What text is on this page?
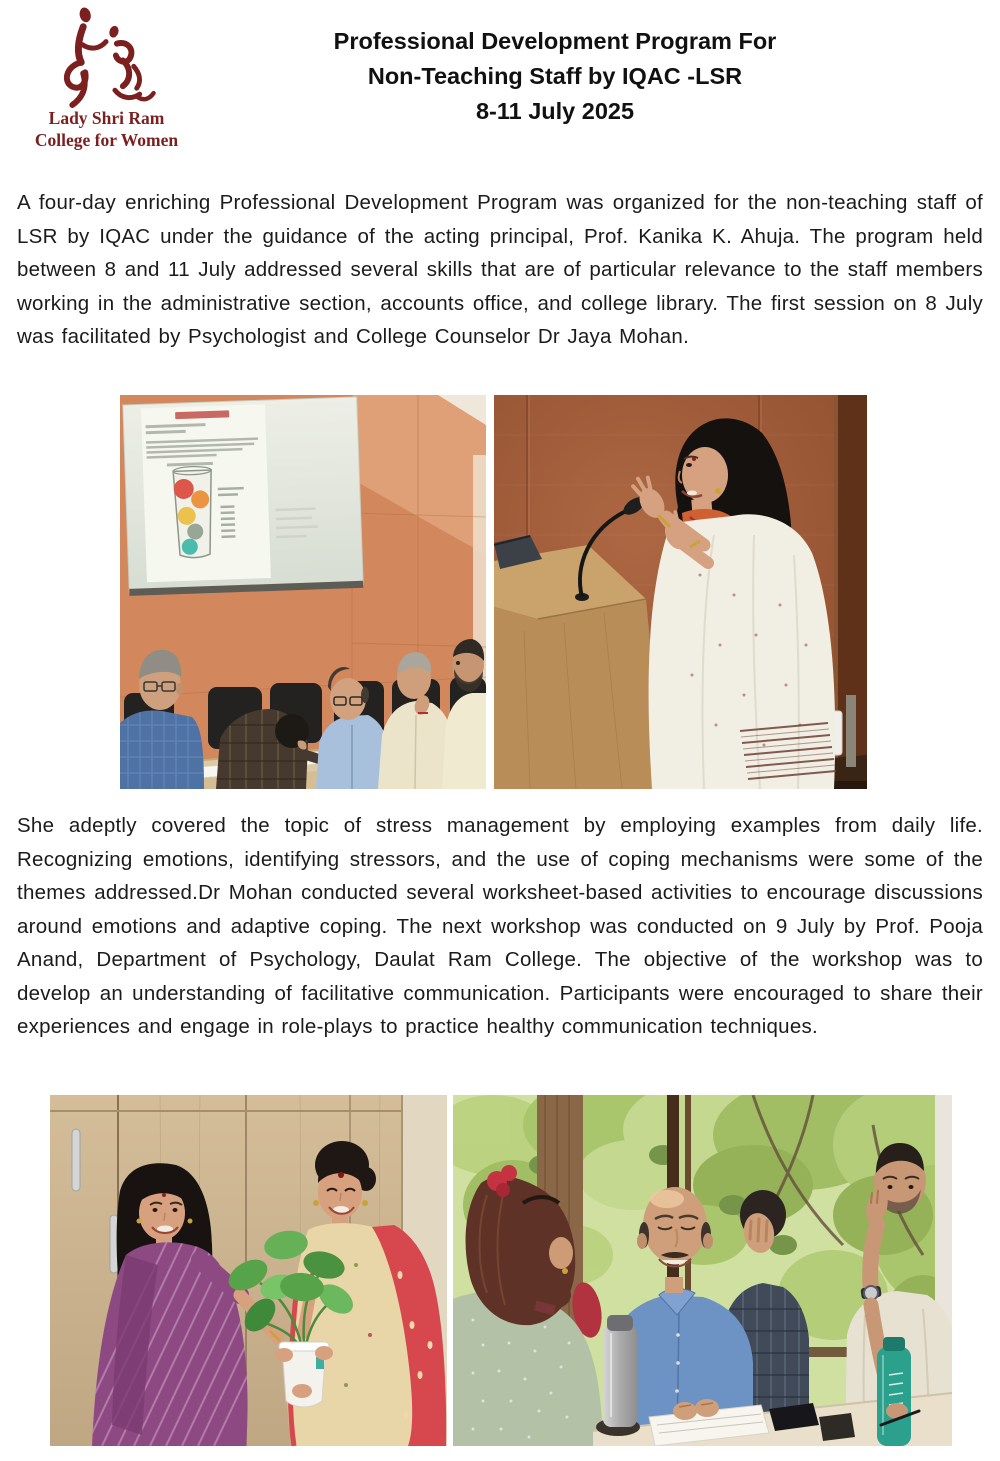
Lady Shri Ram
College for Women
Professional Development Program For
Non-Teaching Staff by IQAC -LSR
8-11 July 2025

A four-day enriching Professional Development Program was organized for the non-teaching staff of LSR by IQAC under the guidance of the acting principal, Prof. Kanika K. Ahuja. The program held between 8 and 11 July addressed several skills that are of particular relevance to the staff members working in the administrative section, accounts office, and college library. The first session on 8 July was facilitated by Psychologist and College Counselor Dr Jaya Mohan.

She adeptly covered the topic of stress management by employing examples from daily life. Recognizing emotions, identifying stressors, and the use of coping mechanisms were some of the themes addressed.Dr Mohan conducted several worksheet-based activities to encourage discussions around emotions and adaptive coping. The next workshop was conducted on 9 July by Prof. Pooja Anand, Department of Psychology, Daulat Ram College. The objective of the workshop was to develop an understanding of facilitative communication. Participants were encouraged to share their experiences and engage in role-plays to practice healthy communication techniques.
